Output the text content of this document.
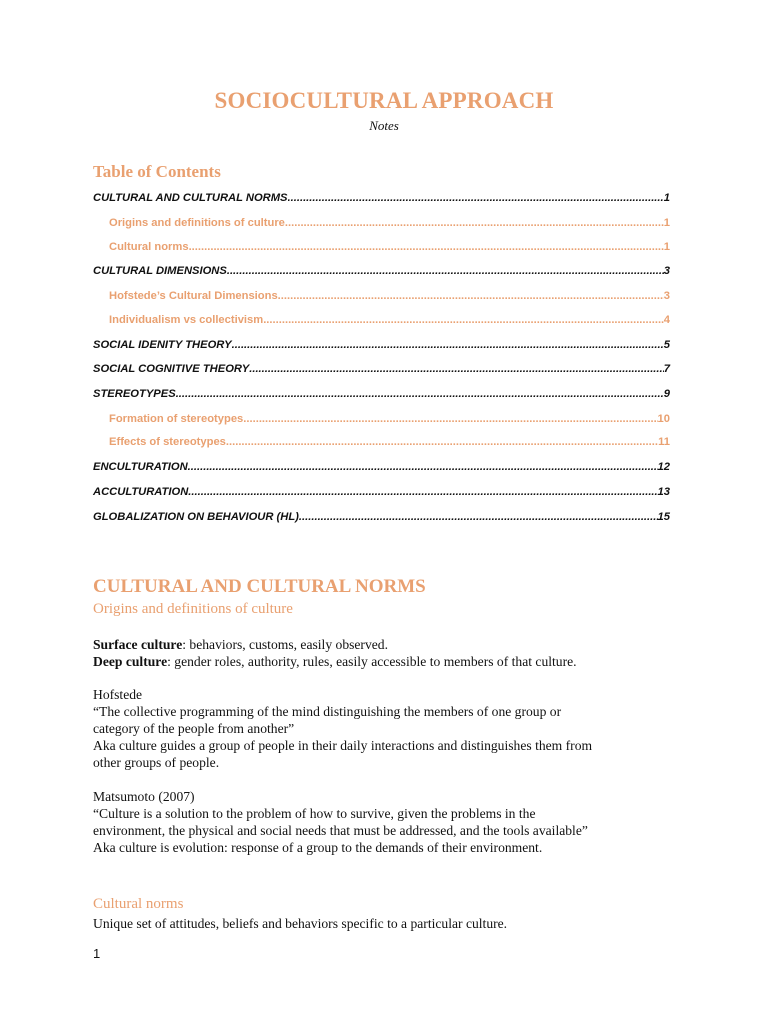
SOCIOCULTURAL APPROACH
Notes
Table of Contents
CULTURAL AND CULTURAL NORMS .....	1
Origins and definitions of culture .....	1
Cultural norms .....	1
CULTURAL DIMENSIONS .....	3
Hofstede’s Cultural Dimensions .....	3
Individualism vs collectivism .....	4
SOCIAL IDENITY THEORY .....	5
SOCIAL COGNITIVE THEORY .....	7
STEREOTYPES .....	9
Formation of stereotypes .....	10
Effects of stereotypes .....	11
ENCULTURATION .....	12
ACCULTURATION .....	13
GLOBALIZATION ON BEHAVIOUR (HL) .....	15
CULTURAL AND CULTURAL NORMS
Origins and definitions of culture
Surface culture: behaviors, customs, easily observed.
Deep culture: gender roles, authority, rules, easily accessible to members of that culture.
Hofstede
“The collective programming of the mind distinguishing the members of one group or
category of the people from another”
Aka culture guides a group of people in their daily interactions and distinguishes them from
other groups of people.
Matsumoto (2007)
“Culture is a solution to the problem of how to survive, given the problems in the
environment, the physical and social needs that must be addressed, and the tools available”
Aka culture is evolution: response of a group to the demands of their environment.
Cultural norms
Unique set of attitudes, beliefs and behaviors specific to a particular culture.
1
